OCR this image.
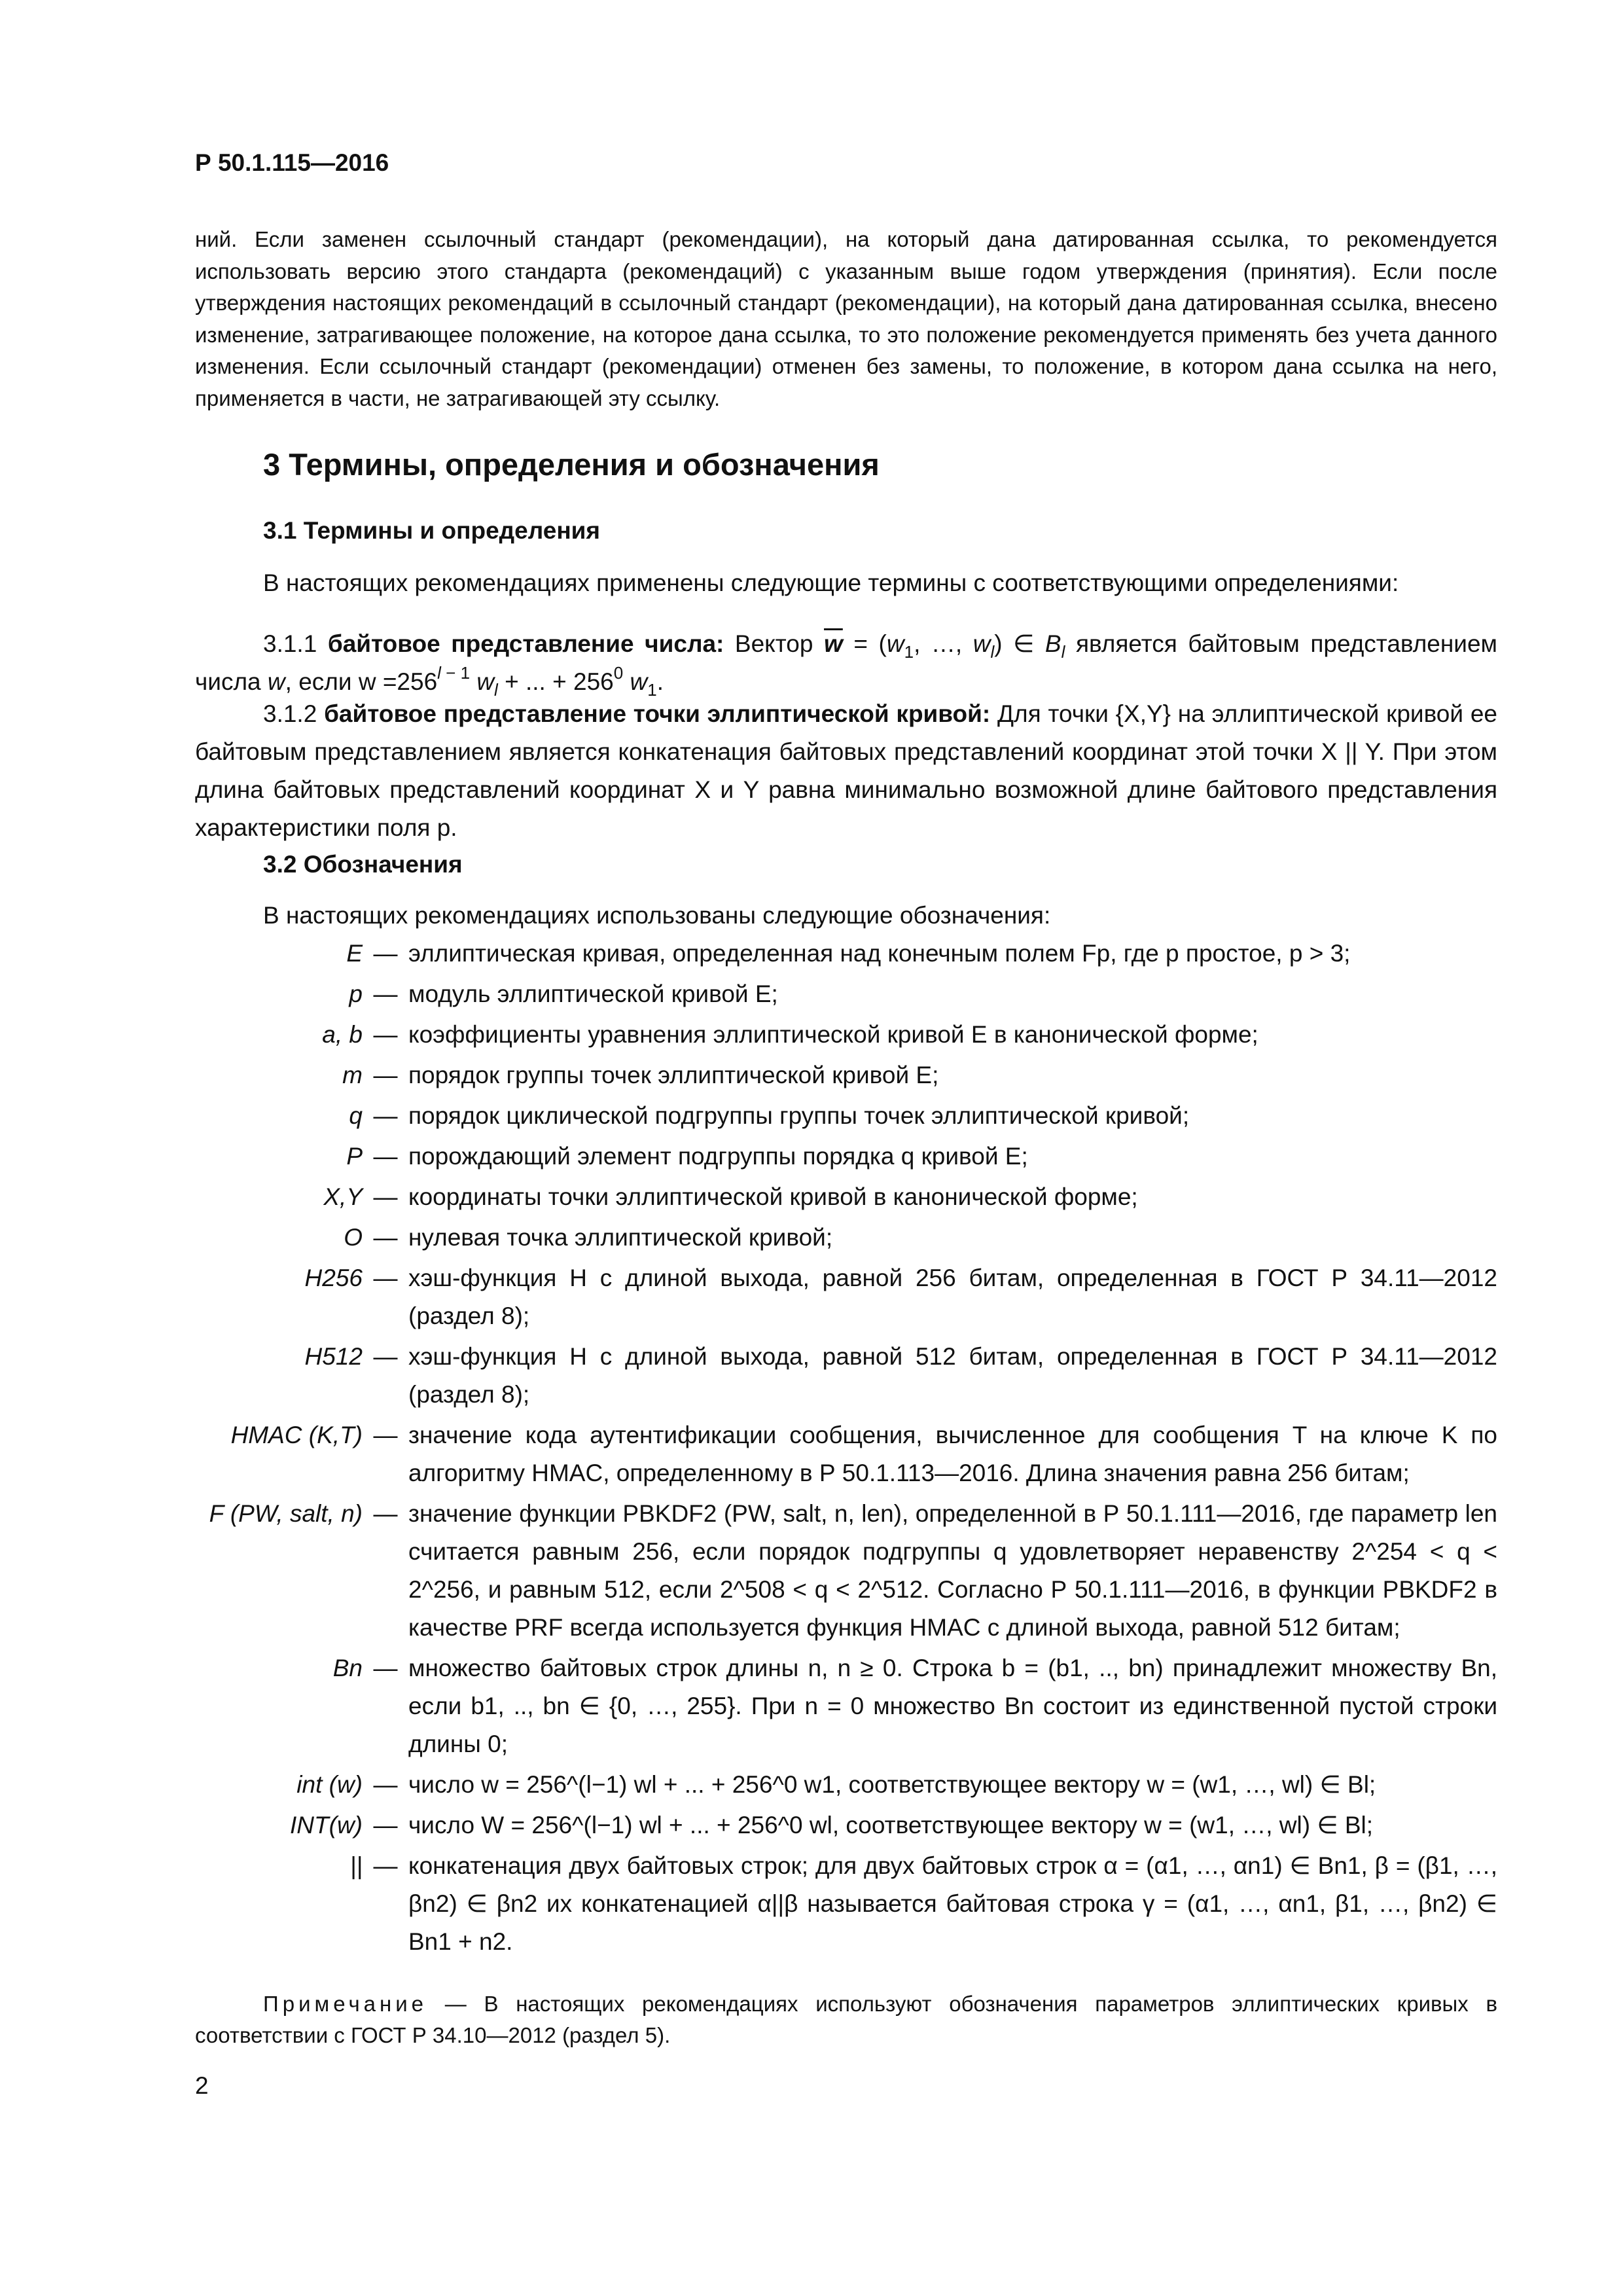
Р 50.1.115—2016
ний. Если заменен ссылочный стандарт (рекомендации), на который дана датированная ссылка, то рекомендуется использовать версию этого стандарта (рекомендаций) с указанным выше годом утверждения (принятия). Если после утверждения настоящих рекомендаций в ссылочный стандарт (рекомендации), на который дана датированная ссылка, внесено изменение, затрагивающее положение, на которое дана ссылка, то это положение рекомендуется применять без учета данного изменения. Если ссылочный стандарт (рекомендации) отменен без замены, то положение, в котором дана ссылка на него, применяется в части, не затрагивающей эту ссылку.
3 Термины, определения и обозначения
3.1 Термины и определения
В настоящих рекомендациях применены следующие термины с соответствующими определениями:
3.1.1 байтовое представление числа: Вектор $\overline{w} = (w_1$, …, $w_l$) ∈ $B_l$ является байтовым представлением числа w, если $w =256^{l - 1}$ $w_l$ + ... + $256^0$ $w_1$.
3.1.2 байтовое представление точки эллиптической кривой: Для точки {X,Y} на эллиптической кривой ее байтовым представлением является конкатенация байтовых представлений координат этой точки X || Y. При этом длина байтовых представлений координат X и Y равна минимально возможной длине байтового представления характеристики поля p.
3.2 Обозначения
В настоящих рекомендациях использованы следующие обозначения:
E — эллиптическая кривая, определенная над конечным полем Fp, где p простое, p > 3;
p — модуль эллиптической кривой E;
a, b — коэффициенты уравнения эллиптической кривой E в канонической форме;
m — порядок группы точек эллиптической кривой E;
q — порядок циклической подгруппы группы точек эллиптической кривой;
P — порождающий элемент подгруппы порядка q кривой E;
X,Y — координаты точки эллиптической кривой в канонической форме;
O — нулевая точка эллиптической кривой;
H256 — хэш-функция H с длиной выхода, равной 256 битам, определенная в ГОСТ Р 34.11—2012 (раздел 8);
H512 — хэш-функция H с длиной выхода, равной 512 битам, определенная в ГОСТ Р 34.11—2012 (раздел 8);
HMAC (K,T) — значение кода аутентификации сообщения, вычисленное для сообщения T на ключе K по алгоритму HMAC, определенному в Р 50.1.113—2016. Длина значения равна 256 битам;
F (PW, salt, n) — значение функции PBKDF2 (PW, salt, n, len), определенной в Р 50.1.111—2016, где параметр len считается равным 256, если порядок подгруппы q удовлетворяет неравенству 2^254 < q < 2^256, и равным 512, если 2^508 < q < 2^512. Согласно Р 50.1.111—2016, в функции PBKDF2 в качестве PRF всегда используется функция HMAC с длиной выхода, равной 512 битам;
Bn — множество байтовых строк длины n, n ≥ 0. Строка b = (b1, .., bn) принадлежит множеству Bn, если b1, .., bn ∈ {0, …, 255}. При n = 0 множество Bn состоит из единственной пустой строки длины 0;
int (w) — число w = 256^(l−1) wl + ... + 256^0 w1, соответствующее вектору w = (w1, …, wl) ∈ Bl;
INT(w) — число W = 256^(l−1) wl + ... + 256^0 wl, соответствующее вектору w = (w1, …, wl) ∈ Bl;
|| — конкатенация двух байтовых строк; для двух байтовых строк α = (α1, …, αn1) ∈ Bn1, β = (β1, …, βn2) ∈ βn2 их конкатенацией α||β называется байтовая строка γ = (α1, …, αn1, β1, …, βn2) ∈ Bn1 + n2.
Примечание — В настоящих рекомендациях используют обозначения параметров эллиптических кривых в соответствии с ГОСТ Р 34.10—2012 (раздел 5).
2
